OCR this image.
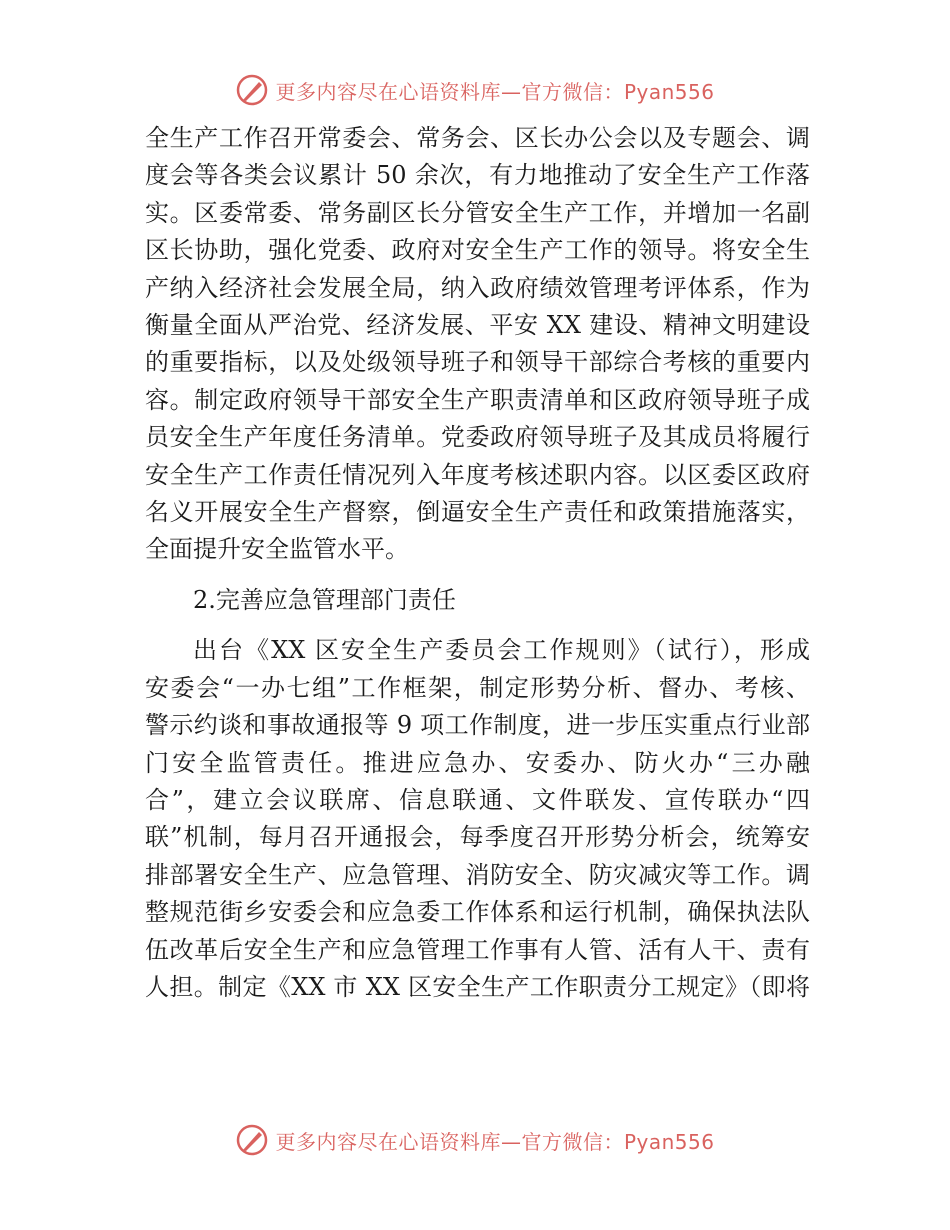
更多内容尽在心语资料库—官方微信：Pyan556

全生产工作召开常委会、常务会、区长办公会以及专题会、调

度会等各类会议累计 50 余次，有力地推动了安全生产工作落

实。区委常委、常务副区长分管安全生产工作，并增加一名副

区长协助，强化党委、政府对安全生产工作的领导。将安全生

产纳入经济社会发展全局，纳入政府绩效管理考评体系，作为

衡量全面从严治党、经济发展、平安 XX 建设、精神文明建设

的重要指标，以及处级领导班子和领导干部综合考核的重要内

容。制定政府领导干部安全生产职责清单和区政府领导班子成

员安全生产年度任务清单。党委政府领导班子及其成员将履行

安全生产工作责任情况列入年度考核述职内容。以区委区政府

名义开展安全生产督察，倒逼安全生产责任和政策措施落实，

全面提升安全监管水平。

2.完善应急管理部门责任

出台《XX 区安全生产委员会工作规则》（试行），形成

安委会“一办七组”工作框架，制定形势分析、督办、考核、

警示约谈和事故通报等 9 项工作制度，进一步压实重点行业部

门安全监管责任。推进应急办、安委办、防火办“三办融

合”，建立会议联席、信息联通、文件联发、宣传联办“四

联”机制，每月召开通报会，每季度召开形势分析会，统筹安

排部署安全生产、应急管理、消防安全、防灾减灾等工作。调

整规范街乡安委会和应急委工作体系和运行机制，确保执法队

伍改革后安全生产和应急管理工作事有人管、活有人干、责有

人担。制定《XX 市 XX 区安全生产工作职责分工规定》（即将

更多内容尽在心语资料库—官方微信：Pyan556
